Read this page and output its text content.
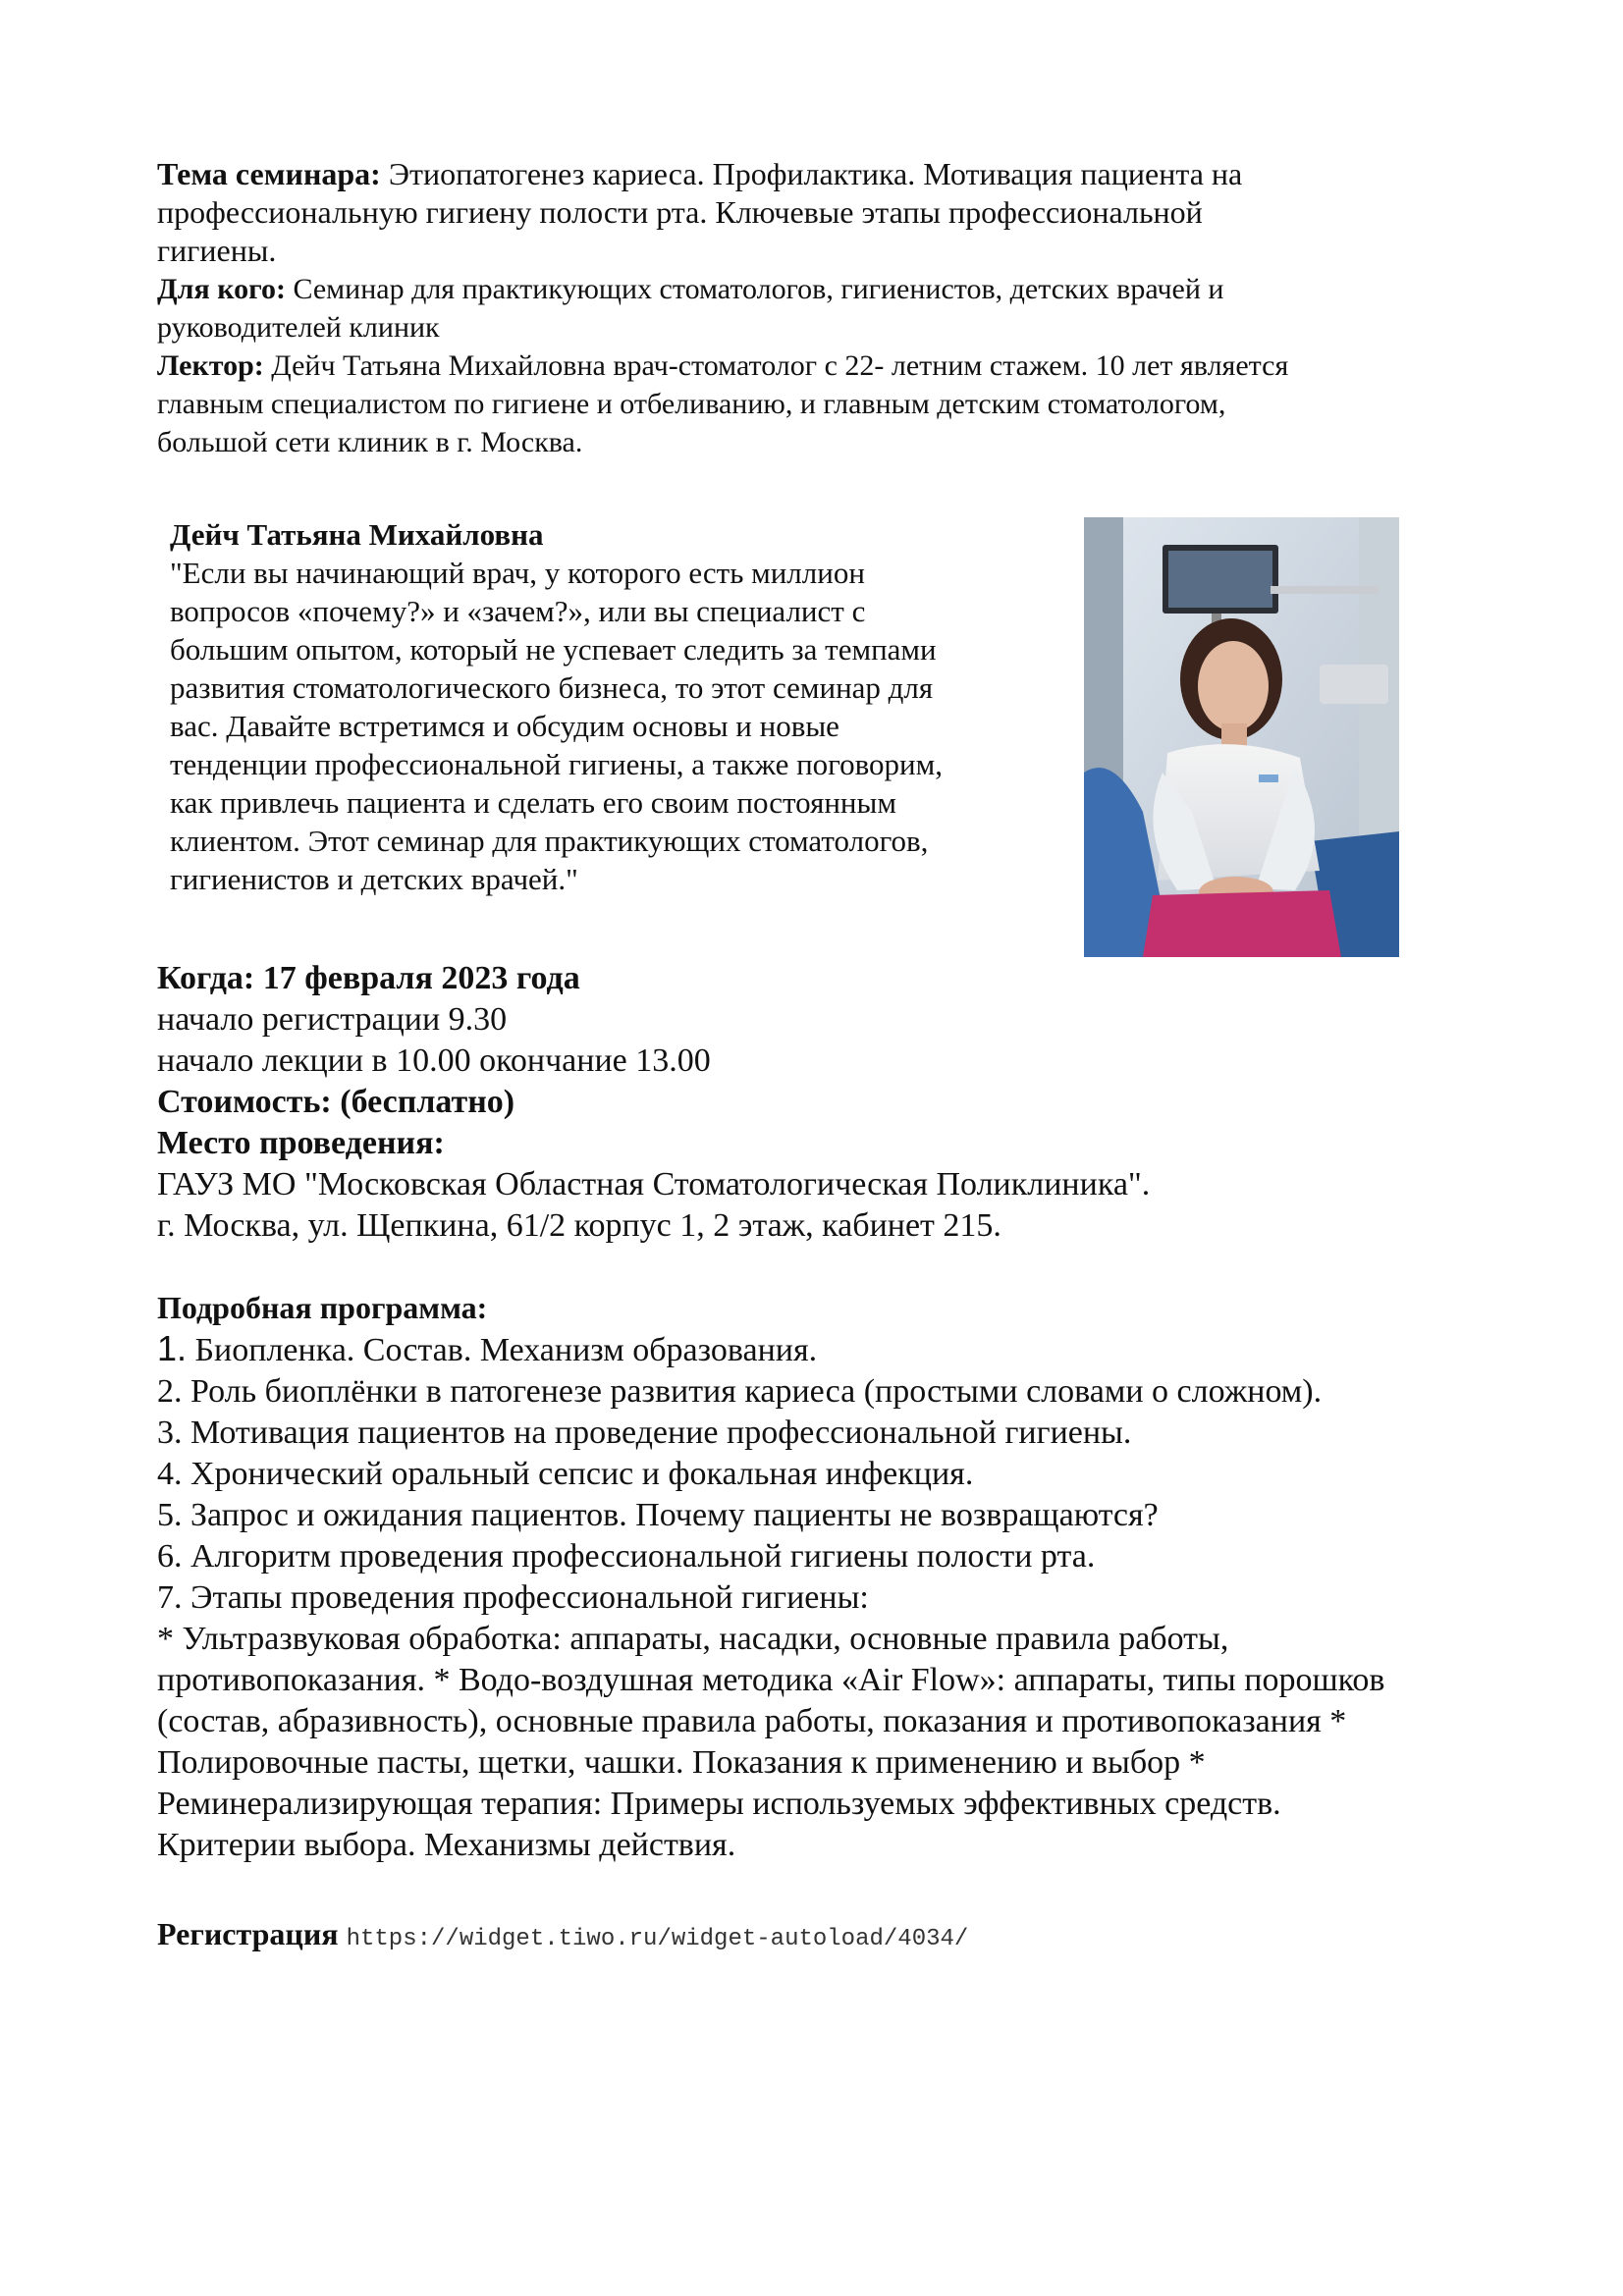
Тема семинара: Этиопатогенез кариеса. Профилактика. Мотивация пациента на

профессиональную гигиену полости рта. Ключевые этапы профессиональной

гигиены.

Для кого: Семинар для практикующих стоматологов, гигиенистов, детских врачей и

руководителей клиник

Лектор: Дейч Татьяна Михайловна врач-стоматолог с 22- летним стажем. 10 лет является

главным специалистом по гигиене и отбеливанию, и главным детским стоматологом,

большой сети клиник в г. Москва.

Дейч Татьяна Михайловна

"Если вы начинающий врач, у которого есть миллион

вопросов «почему?» и «зачем?», или вы специалист с

большим опытом, который не успевает следить за темпами

развития стоматологического бизнеса, то этот семинар для

вас. Давайте встретимся и обсудим основы и новые

тенденции профессиональной гигиены, а также поговорим,

как привлечь пациента и сделать его своим постоянным

клиентом. Этот семинар для практикующих стоматологов,

гигиенистов и детских врачей."

Когда: 17 февраля 2023 года

начало регистрации 9.30

начало лекции в 10.00 окончание 13.00

Стоимость: (бесплатно)

Место проведения:

ГАУЗ МО "Московская Областная Стоматологическая Поликлиника".

г. Москва, ул. Щепкина, 61/2 корпус 1, 2 этаж, кабинет 215.

Подробная программа:

1. Биопленка. Состав. Механизм образования.

2. Роль биоплёнки в патогенезе развития кариеса (простыми словами о сложном).

3. Мотивация пациентов на проведение профессиональной гигиены.

4. Хронический оральный сепсис и фокальная инфекция.

5. Запрос и ожидания пациентов. Почему пациенты не возвращаются?

6. Алгоритм проведения профессиональной гигиены полости рта.

7. Этапы проведения профессиональной гигиены:

* Ультразвуковая обработка: аппараты, насадки, основные правила работы,

противопоказания. * Водо-воздушная методика «Air Flow»: аппараты, типы порошков

(состав, абразивность), основные правила работы, показания и противопоказания *

Полировочные пасты, щетки, чашки. Показания к применению и выбор *

Реминерализирующая терапия: Примеры используемых эффективных средств.

Критерии выбора. Механизмы действия.

Регистрация https://widget.tiwo.ru/widget-autoload/4034/
